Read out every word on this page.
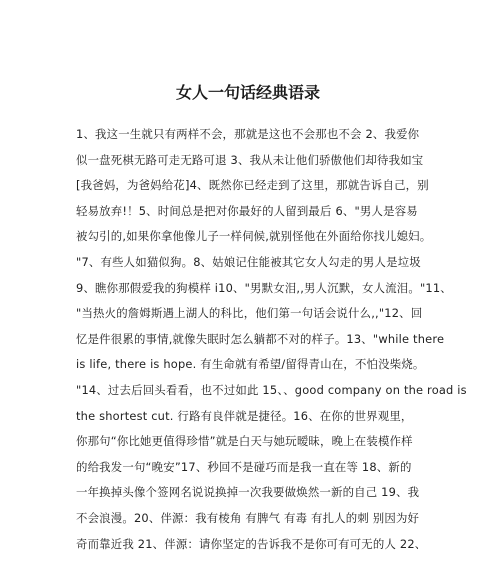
女人一句话经典语录
1、我这一生就只有两样不会，那就是这也不会那也不会 2、我爱你
似一盘死棋无路可走无路可退 3、我从未让他们骄傲他们却待我如宝
[我爸妈，为爸妈给花]4、既然你已经走到了这里，那就告诉自己，别
轻易放弃!！5、时间总是把对你最好的人留到最后 6、"男人是容易
被勾引的,如果你拿他像儿子一样伺候,就别怪他在外面给你找儿媳妇。
"7、有些人如猫似狗。8、姑娘记住能被其它女人勾走的男人是垃圾
9、瞧你那假爱我的狗模样 i10、"男默女泪,,男人沉默，女人流泪。"11、
"当热火的詹姆斯遇上湖人的科比，他们第一句话会说什么,,"12、回
忆是件很累的事情,就像失眠时怎么躺都不对的样子。13、"while there
is life, there is hope. 有生命就有希望/留得青山在，不怕没柴烧。
"14、过去后回头看看，也不过如此 15、、good company on the road is
the shortest cut. 行路有良伴就是捷径。16、在你的世界观里，
你那句“你比她更值得珍惜”就是白天与她玩暧昧，晚上在装模作样
的给我发一句“晚安”17、秒回不是碰巧而是我一直在等 18、新的
一年换掉头像个签网名说说换掉一次我要做焕然一新的自己 19、我
不会浪漫。20、伴源：我有棱角 有脾气 有毒 有扎人的刺 别因为好
奇而靠近我 21、伴源：请你坚定的告诉我不是你可有可无的人 22、
